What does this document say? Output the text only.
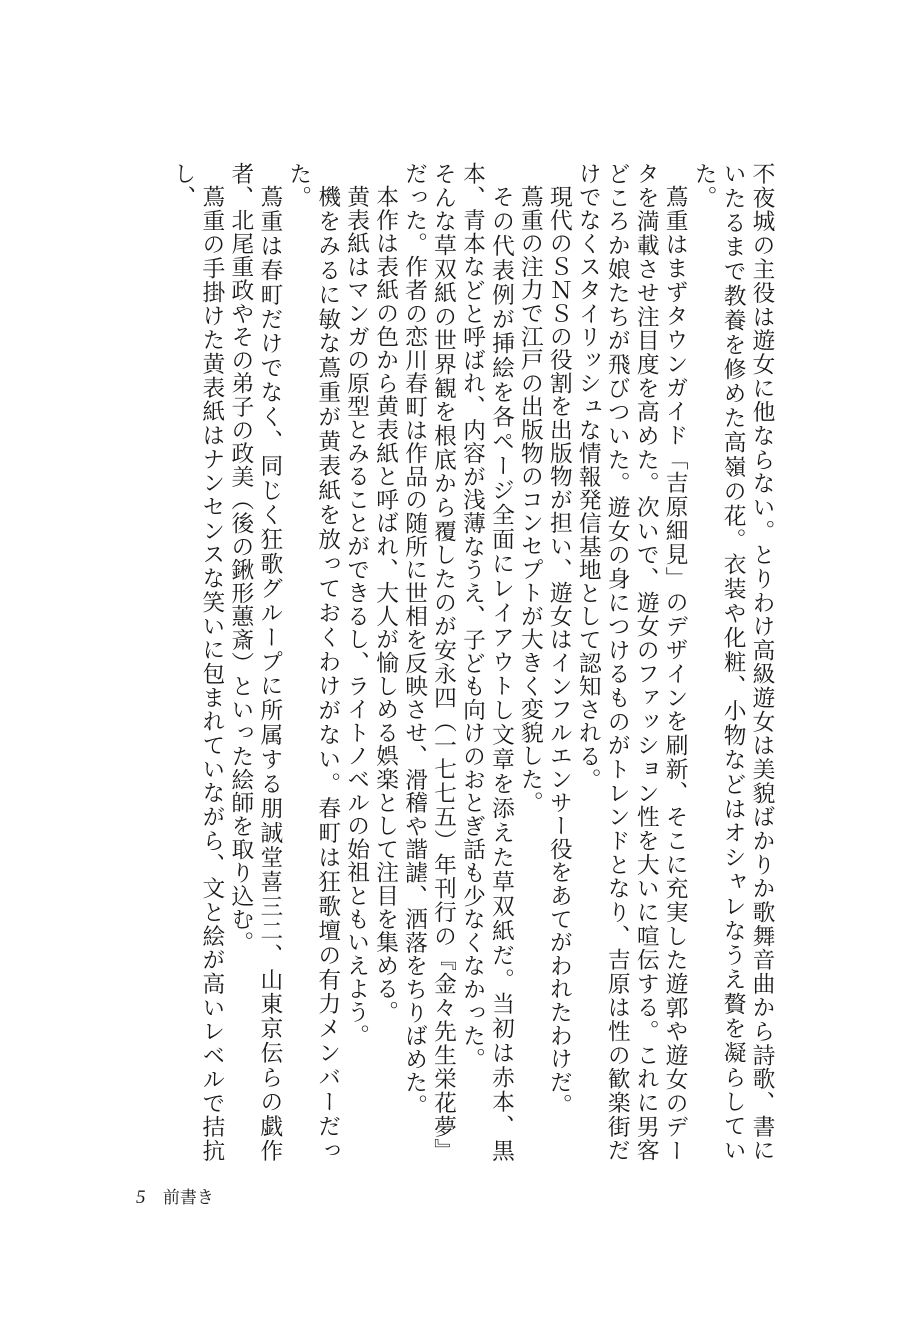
不夜城の主役は遊女に他ならない。とりわけ高級遊女は美貌ばかりか歌舞音曲から詩歌、書にいたるまで教養を修めた高嶺の花。衣装や化粧、小物などはオシャレなうえ贅を凝らしていた。

蔦重はまずタウンガイド「吉原細見」のデザインを刷新、そこに充実した遊郭や遊女のデータを満載させ注目度を高めた。次いで、遊女のファッション性を大いに喧伝する。これに男客どころか娘たちが飛びついた。遊女の身につけるものがトレンドとなり、吉原は性の歓楽街だけでなくスタイリッシュな情報発信基地として認知される。

現代のＳＮＳの役割を出版物が担い、遊女はインフルエンサー役をあてがわれたわけだ。

蔦重の注力で江戸の出版物のコンセプトが大きく変貌した。

その代表例が挿絵を各ページ全面にレイアウトし文章を添えた草双紙だ。当初は赤本、黒本、青本などと呼ばれ、内容が浅薄なうえ、子ども向けのおとぎ話も少なくなかった。

そんな草双紙の世界観を根底から覆したのが安永四（一七七五）年刊行の『金々先生栄花夢』だった。作者の恋川春町は作品の随所に世相を反映させ、滑稽や諧謔、洒落をちりばめた。

本作は表紙の色から黄表紙と呼ばれ、大人が愉しめる娯楽として注目を集める。

黄表紙はマンガの原型とみることができるし、ライトノベルの始祖ともいえよう。

機をみるに敏な蔦重が黄表紙を放っておくわけがない。春町は狂歌壇の有力メンバーだった。

蔦重は春町だけでなく、同じく狂歌グループに所属する朋誠堂喜三二、山東京伝らの戯作者、北尾重政やその弟子の政美（後の鍬形蕙斎）といった絵師を取り込む。

蔦重の手掛けた黄表紙はナンセンスな笑いに包まれていながら、文と絵が高いレベルで拮抗し、

5 前書き
